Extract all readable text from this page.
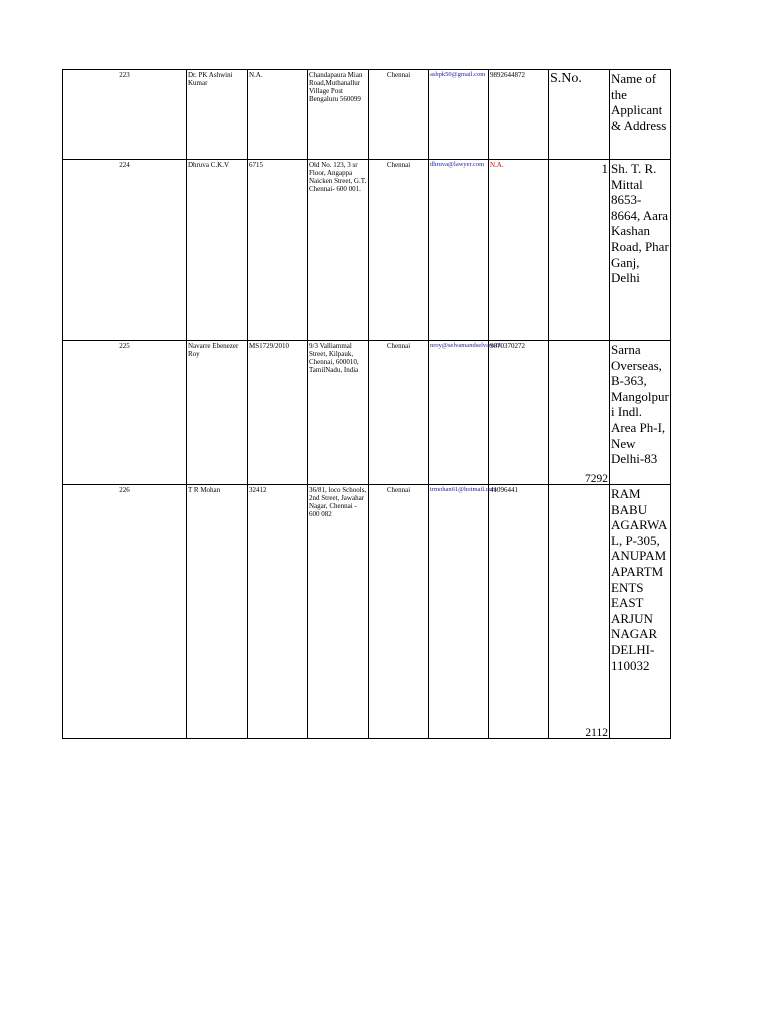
223	Dr. PK Ashwini Kumar	N.A.	Chandapaura Mian Road,Muthanallur Village Post Bengaluru 560099	Chennai	ashpk50@gmail.com	9892644872	S.No.	Name of the Applicant & Address
224	Dhruva C.K.V	6715	Old No. 123, 3 sr Floor, Angappa Naicken Street, G.T. Chennai- 600 001.	Chennai	dhruva@lawyer.com	N.A.	1	Sh. T. R. Mittal 8653-8664, Aara Kashan Road, Phar Ganj, Delhi
225	Navarre Ebenezer Roy	MS1729/2010	9/3 Valliammal Street, Kilpauk, Chennai, 600010, TamilNadu, India	Chennai	nroy@selvamandselvam.in	9870370272	7292	Sarna Overseas, B-363, Mangolpuri Indl. Area Ph-I, New Delhi-83
226	T R Mohan	32412	36/81, loco Schools, 2nd Street, Jawahar Nagar, Chennai - 600 082	Chennai	trmohan61@hotmail.com	41096441	2112	RAM BABU AGARWAL, P-305, ANUPAM APARTMENTS EAST ARJUN NAGAR DELHI-110032
